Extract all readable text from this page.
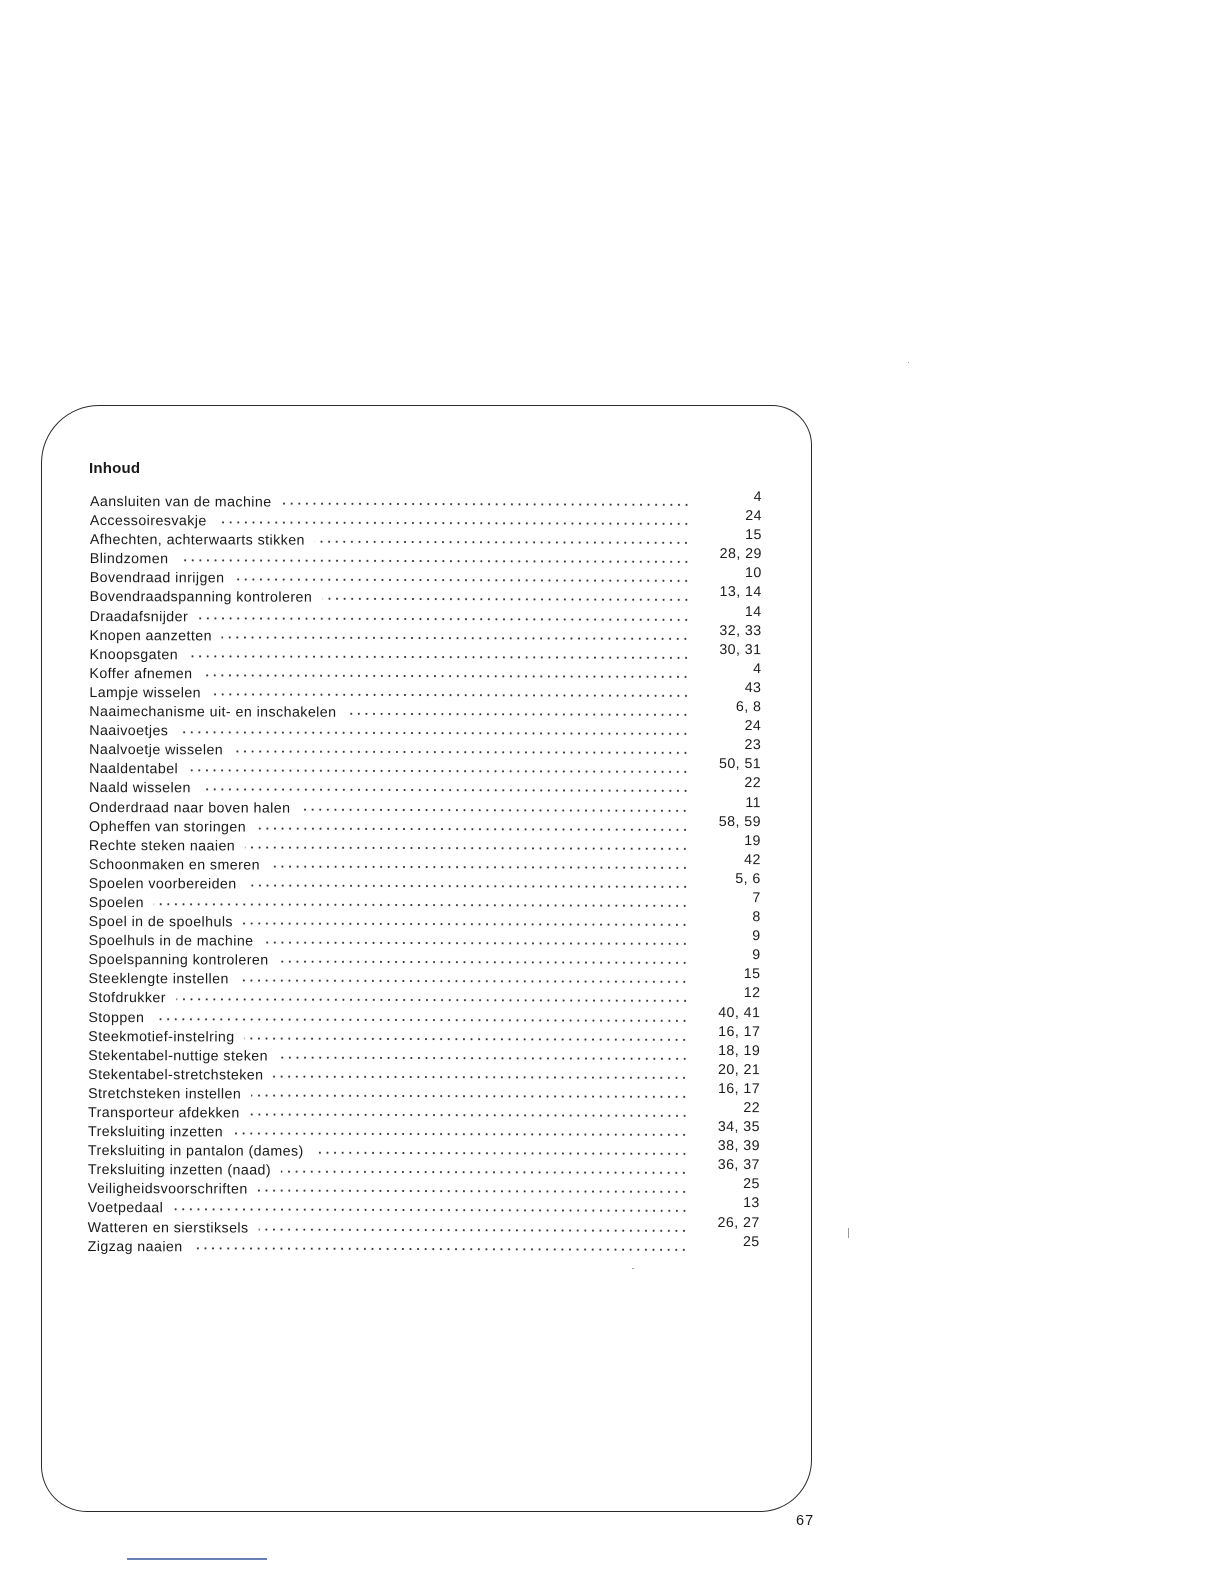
Inhoud
Aansluiten van de machine	4
Accessoiresvakje	24
Afhechten, achterwaarts stikken	15
Blindzomen	28, 29
Bovendraad inrijgen	10
Bovendraadspanning kontroleren	13, 14
Draadafsnijder	14
Knopen aanzetten	32, 33
Knoopsgaten	30, 31
Koffer afnemen	4
Lampje wisselen	43
Naaimechanisme uit- en inschakelen	6, 8
Naaivoetjes	24
Naalvoetje wisselen	23
Naaldentabel	50, 51
Naald wisselen	22
Onderdraad naar boven halen	11
Opheffen van storingen	58, 59
Rechte steken naaien	19
Schoonmaken en smeren	42
Spoelen voorbereiden	5, 6
Spoelen	7
Spoel in de spoelhuls	8
Spoelhuls in de machine	9
Spoelspanning kontroleren	9
Steeklengte instellen	15
Stofdrukker	12
Stoppen	40, 41
Steekmotief-instelring	16, 17
Stekentabel-nuttige steken	18, 19
Stekentabel-stretchsteken	20, 21
Stretchsteken instellen	16, 17
Transporteur afdekken	22
Treksluiting inzetten	34, 35
Treksluiting in pantalon (dames)	38, 39
Treksluiting inzetten (naad)	36, 37
Veiligheidsvoorschriften	25
Voetpedaal	13
Watteren en sierstiksels	26, 27
Zigzag naaien	25
67
